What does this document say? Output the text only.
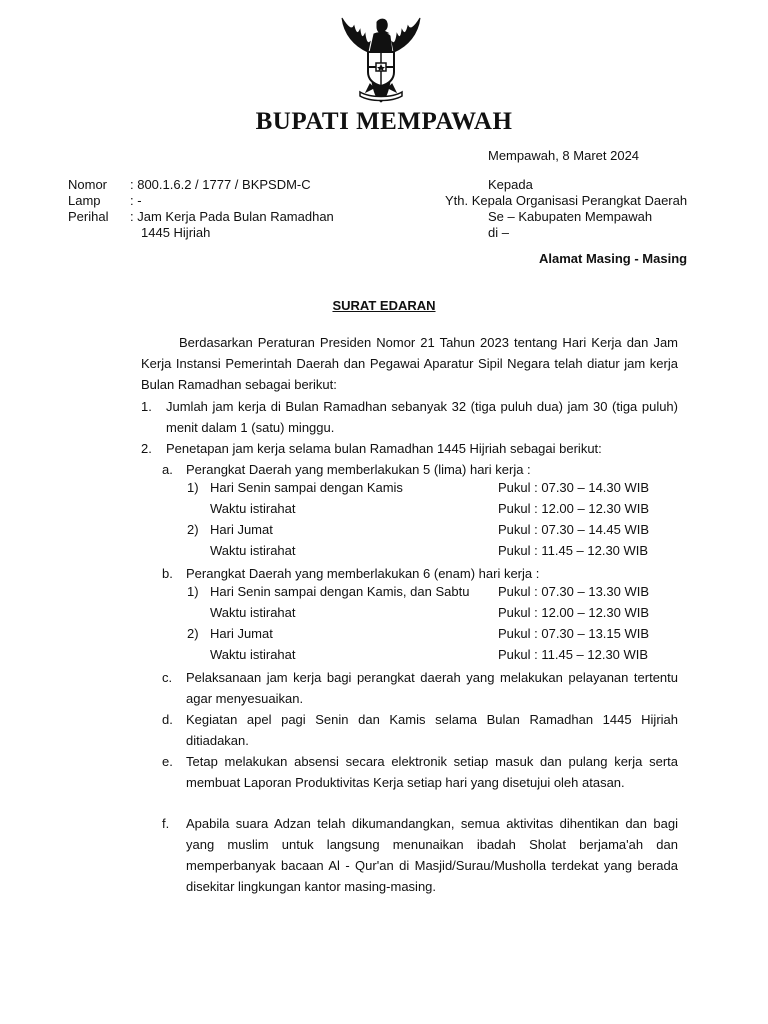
BUPATI MEMPAWAH
Mempawah, 8 Maret 2024
Nomor : 800.1.6.2 / 1777 / BKPSDM-C
Lamp : -
Perihal : Jam Kerja Pada Bulan Ramadhan
1445 Hijriah
Kepada
Yth. Kepala Organisasi Perangkat Daerah
Se – Kabupaten Mempawah
di –
Alamat Masing - Masing
SURAT EDARAN
Berdasarkan Peraturan Presiden Nomor 21 Tahun 2023 tentang Hari Kerja dan Jam Kerja Instansi Pemerintah Daerah dan Pegawai Aparatur Sipil Negara telah diatur jam kerja Bulan Ramadhan sebagai berikut:
1. Jumlah jam kerja di Bulan Ramadhan sebanyak 32 (tiga puluh dua) jam 30 (tiga puluh) menit dalam 1 (satu) minggu.
2. Penetapan jam kerja selama bulan Ramadhan 1445 Hijriah sebagai berikut:
a. Perangkat Daerah yang memberlakukan 5 (lima) hari kerja :
1) Hari Senin sampai dengan Kamis	Pukul : 07.30 – 14.30 WIB
Waktu istirahat	Pukul : 12.00 – 12.30 WIB
2) Hari Jumat	Pukul : 07.30 – 14.45 WIB
Waktu istirahat	Pukul : 11.45 – 12.30 WIB
b. Perangkat Daerah yang memberlakukan 6 (enam) hari kerja :
1) Hari Senin sampai dengan Kamis, dan Sabtu Pukul : 07.30 – 13.30 WIB
Waktu istirahat	Pukul : 12.00 – 12.30 WIB
2) Hari Jumat	Pukul : 07.30 – 13.15 WIB
Waktu istirahat	Pukul : 11.45 – 12.30 WIB
c. Pelaksanaan jam kerja bagi perangkat daerah yang melakukan pelayanan tertentu agar menyesuaikan.
d. Kegiatan apel pagi Senin dan Kamis selama Bulan Ramadhan 1445 Hijriah ditiadakan.
e. Tetap melakukan absensi secara elektronik setiap masuk dan pulang kerja serta membuat Laporan Produktivitas Kerja setiap hari yang disetujui oleh atasan.
f. Apabila suara Adzan telah dikumandangkan, semua aktivitas dihentikan dan bagi yang muslim untuk langsung menunaikan ibadah Sholat berjama'ah dan memperbanyak bacaan Al - Qur'an di Masjid/Surau/Musholla terdekat yang berada disekitar lingkungan kantor masing-masing.
